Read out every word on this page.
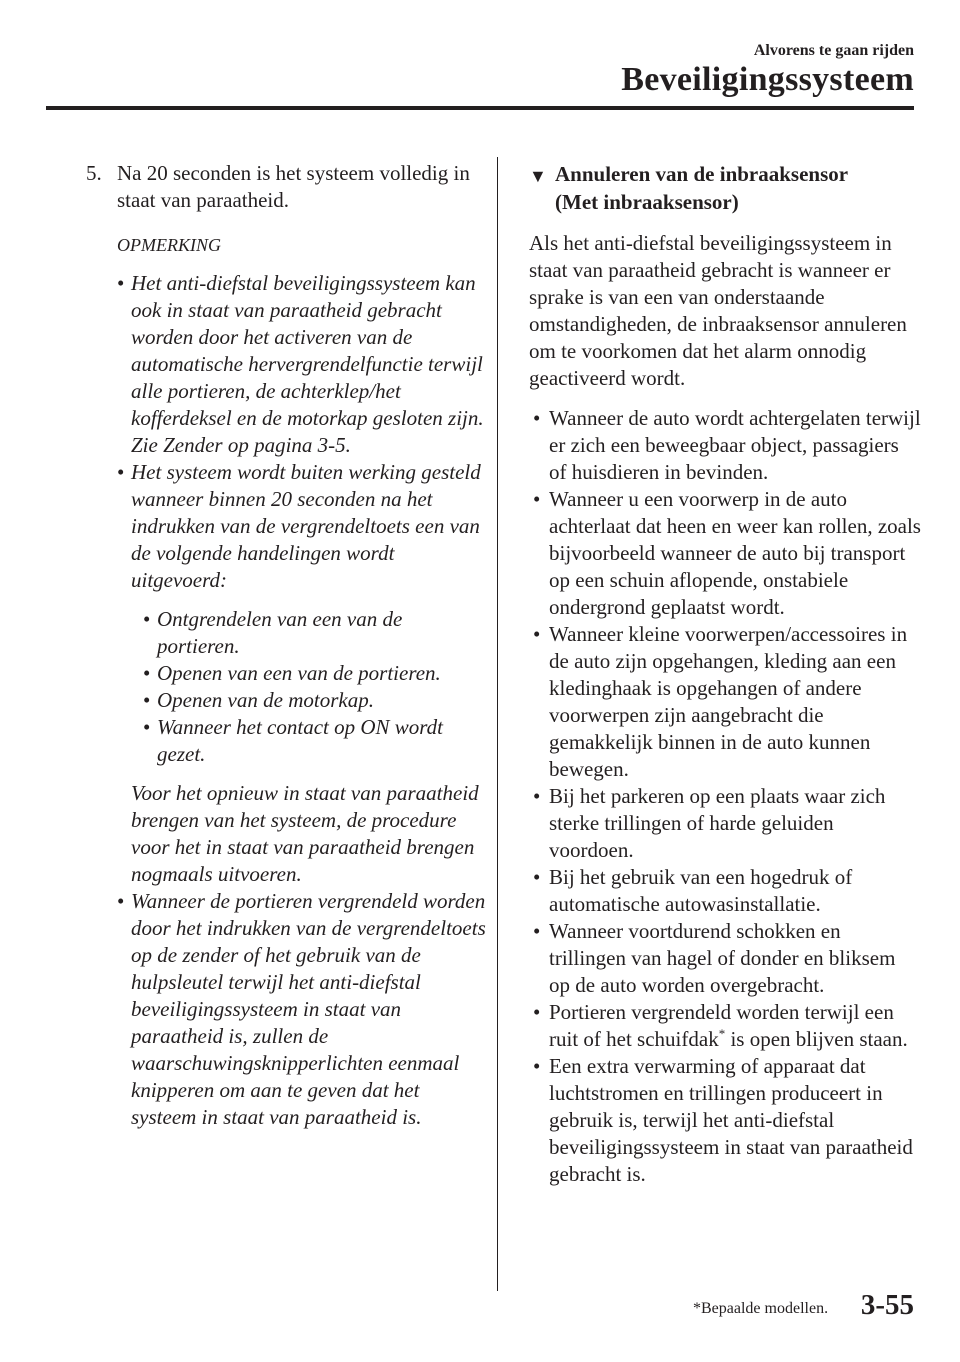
Alvorens te gaan rijden
Beveiligingssysteem
5. Na 20 seconden is het systeem volledig in staat van paraatheid.
OPMERKING
• Het anti-diefstal beveiligingssysteem kan ook in staat van paraatheid gebracht worden door het activeren van de automatische hervergrendelfunctie terwijl alle portieren, de achterklep/het kofferdeksel en de motorkap gesloten zijn.
Zie Zender op pagina 3-5.
• Het systeem wordt buiten werking gesteld wanneer binnen 20 seconden na het indrukken van de vergrendeltoets een van de volgende handelingen wordt uitgevoerd:
• Ontgrendelen van een van de portieren.
• Openen van een van de portieren.
• Openen van de motorkap.
• Wanneer het contact op ON wordt gezet.
Voor het opnieuw in staat van paraatheid brengen van het systeem, de procedure voor het in staat van paraatheid brengen nogmaals uitvoeren.
• Wanneer de portieren vergrendeld worden door het indrukken van de vergrendeltoets op de zender of het gebruik van de hulpsleutel terwijl het anti-diefstal beveiligingssysteem in staat van paraatheid is, zullen de waarschuwingsknipperlichten eenmaal knipperen om aan te geven dat het systeem in staat van paraatheid is.
▼ Annuleren van de inbraaksensor
(Met inbraaksensor)
Als het anti-diefstal beveiligingssysteem in staat van paraatheid gebracht is wanneer er sprake is van een van onderstaande omstandigheden, de inbraaksensor annuleren om te voorkomen dat het alarm onnodig geactiveerd wordt.
• Wanneer de auto wordt achtergelaten terwijl er zich een beweegbaar object, passagiers of huisdieren in bevinden.
• Wanneer u een voorwerp in de auto achterlaat dat heen en weer kan rollen, zoals bijvoorbeeld wanneer de auto bij transport op een schuin aflopende, onstabiele ondergrond geplaatst wordt.
• Wanneer kleine voorwerpen/accessoires in de auto zijn opgehangen, kleding aan een kledinghaak is opgehangen of andere voorwerpen zijn aangebracht die gemakkelijk binnen in de auto kunnen bewegen.
• Bij het parkeren op een plaats waar zich sterke trillingen of harde geluiden voordoen.
• Bij het gebruik van een hogedruk of automatische autowasinstallatie.
• Wanneer voortdurend schokken en trillingen van hagel of donder en bliksem op de auto worden overgebracht.
• Portieren vergrendeld worden terwijl een ruit of het schuifdak* is open blijven staan.
• Een extra verwarming of apparaat dat luchtstromen en trillingen produceert in gebruik is, terwijl het anti-diefstal beveiligingssysteem in staat van paraatheid gebracht is.
*Bepaalde modellen. 3-55
